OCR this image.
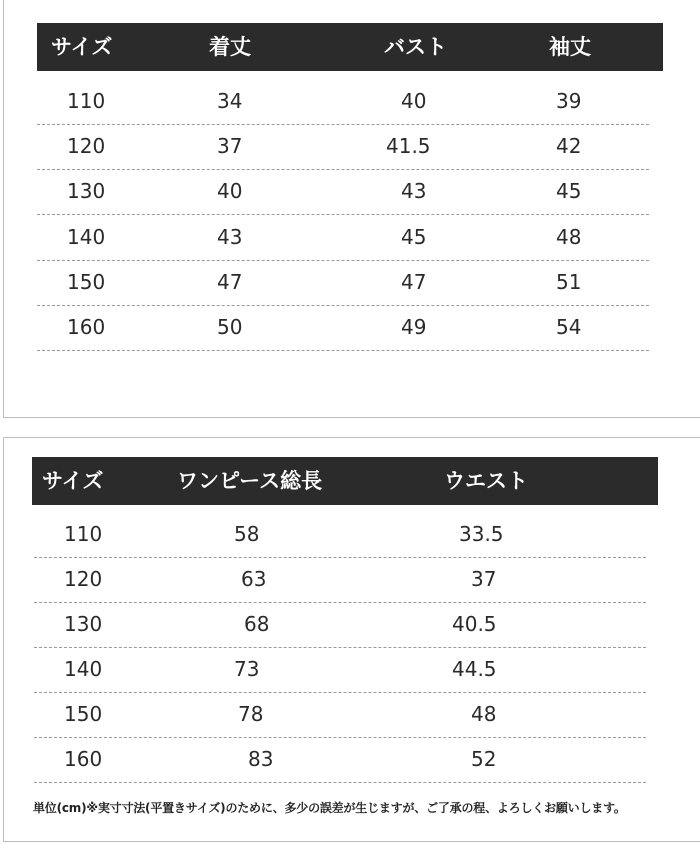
サイズ	着丈	バスト	袖丈
110	34	40	39
120	37	41.5	42
130	40	43	45
140	43	45	48
150	47	47	51
160	50	49	54
サイズ	ワンピース総長	ウエスト
110	58	33.5
120	63	37
130	68	40.5
140	73	44.5
150	78	48
160	83	52
単位(cm)※実寸寸法(平置きサイズ)のために、多少の誤差が生じますが、ご了承の程、よろしくお願いします。
